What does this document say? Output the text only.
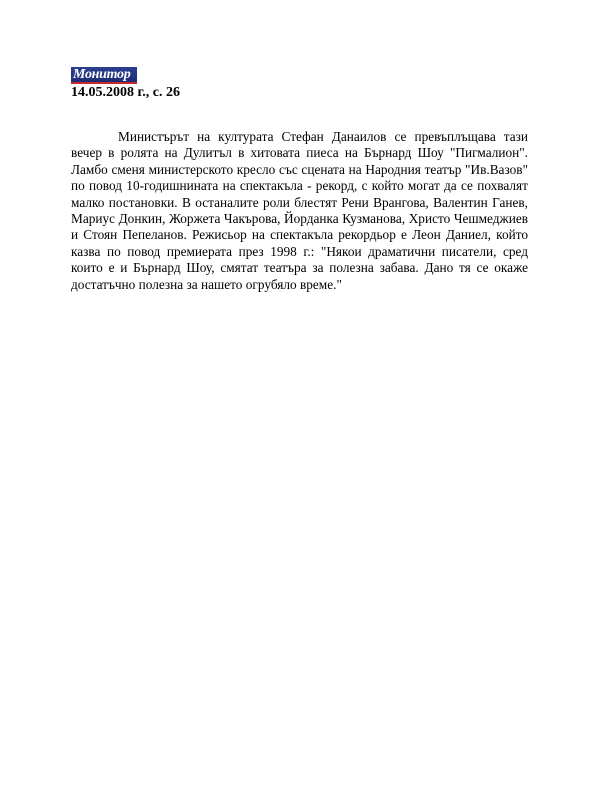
Монитор

14.05.2008 г., с. 26

Министърът на културата Стефан Данаилов се превъплъщава тази вечер в ролята на Дулитъл в хитовата пиеса на Бърнард Шоу "Пигмалион". Ламбо сменя министерското кресло със сцената на Народния театър "Ив.Вазов" по повод 10-годишнината на спектакъла - рекорд, с който могат да се похвалят малко постановки. В останалите роли блестят Рени Врангова, Валентин Ганев, Мариус Донкин, Жоржета Чакърова, Йорданка Кузманова, Христо Чешмеджиев и Стоян Пепеланов. Режисьор на спектакъла рекордьор е Леон Даниел, който казва по повод премиерата през 1998 г.: "Някои драматични писатели, сред които е и Бърнард Шоу, смятат театъра за полезна забава. Дано тя се окаже достатъчно полезна за нашето огрубяло време."
